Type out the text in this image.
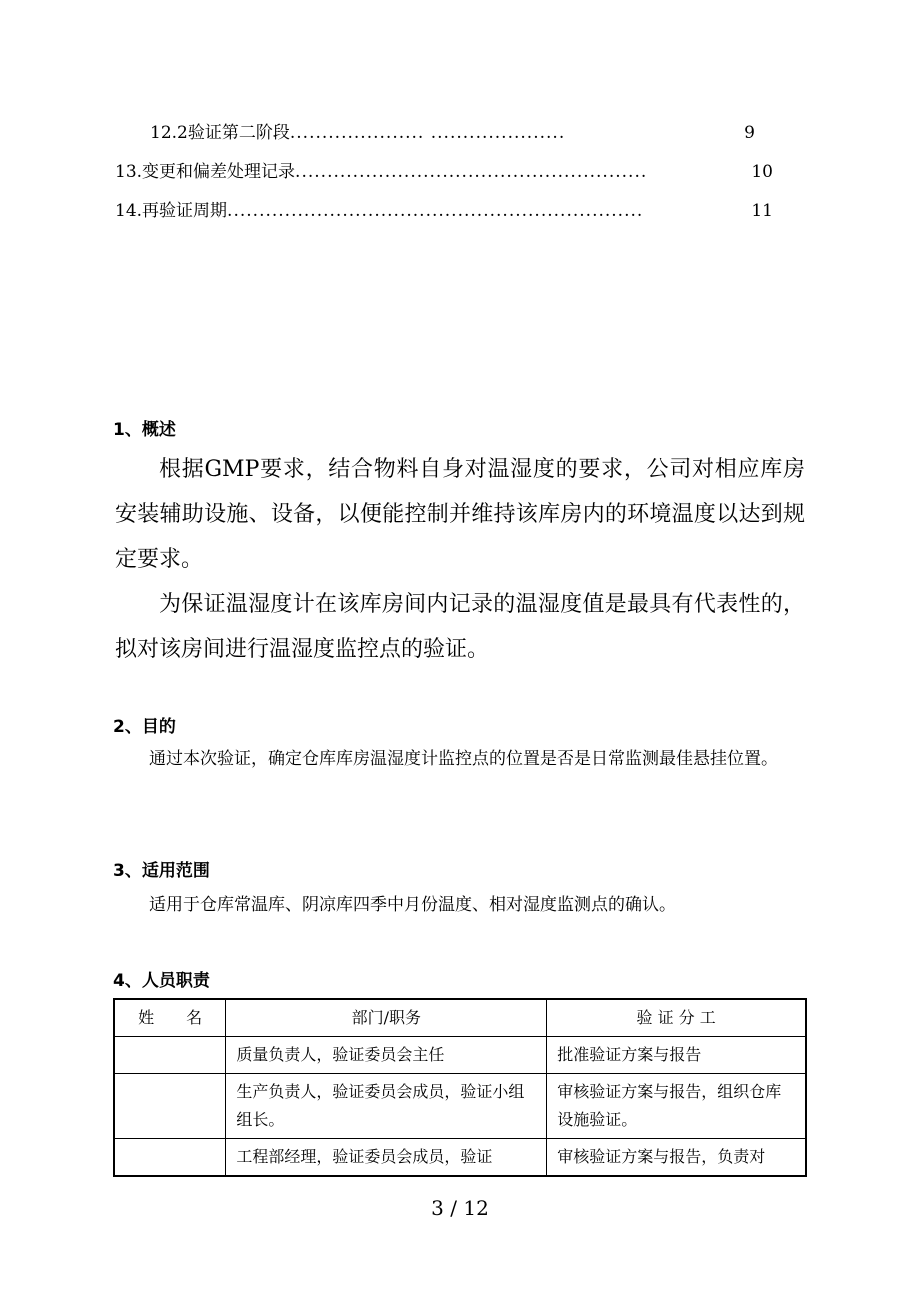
12.2验证第二阶段 ..................... .....................	9
13.变更和偏差处理记录 .......................................................	10
14.再验证周期 .................................................................	11
1、概述
根据GMP要求，结合物料自身对温湿度的要求，公司对相应库房安装辅助设施、设备，以便能控制并维持该库房内的环境温度以达到规定要求。
为保证温湿度计在该库房间内记录的温湿度值是最具有代表性的，拟对该房间进行温湿度监控点的验证。
2、目的
通过本次验证，确定仓库库房温湿度计监控点的位置是否是日常监测最佳悬挂位置。
3、适用范围
适用于仓库常温库、阴凉库四季中月份温度、相对湿度监测点的确认。
4、人员职责
姓　　名	部门/职务	验 证 分 工
	质量负责人，验证委员会主任	批准验证方案与报告
	生产负责人，验证委员会成员，验证小组组长。	审核验证方案与报告，组织仓库设施验证。
	工程部经理，验证委员会成员，验证	审核验证方案与报告，负责对
3 / 12
